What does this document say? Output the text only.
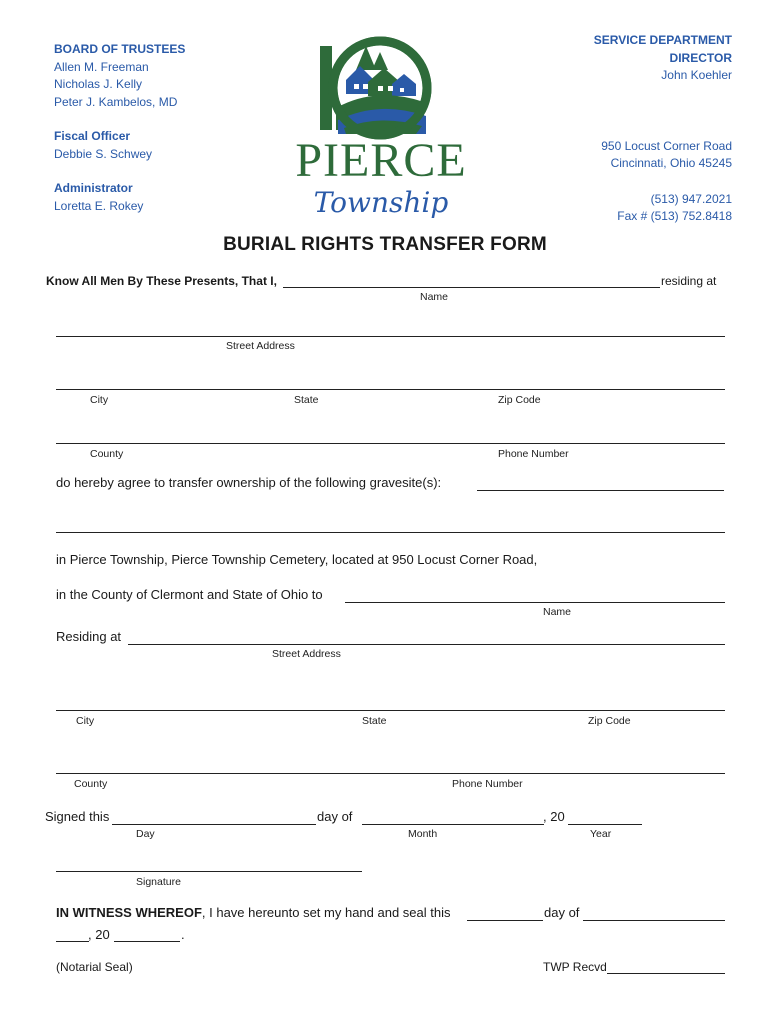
BOARD OF TRUSTEES
Allen M. Freeman
Nicholas J. Kelly
Peter J. Kambelos, MD
Fiscal Officer
Debbie S. Schwey
Administrator
Loretta E. Rokey
SERVICE DEPARTMENT
DIRECTOR
John Koehler
950 Locust Corner Road
Cincinnati, Ohio 45245
(513) 947.2021
Fax # (513) 752.8418
PIERCE
Township
BURIAL RIGHTS TRANSFER FORM
Know All Men By These Presents, That I,	residing at
Name
Street Address
City	State	Zip Code
County	Phone Number
do hereby agree to transfer ownership of the following gravesite(s):
in Pierce Township, Pierce Township Cemetery, located at 950 Locust Corner Road,
in the County of Clermont and State of Ohio to
Name
Residing at
Street Address
City	State	Zip Code
County	Phone Number
Signed this	day of	, 20
Day	Month	Year
Signature
IN WITNESS WHEREOF, I have hereunto set my hand and seal this	day of
, 20	.
(Notarial Seal)	TWP Recvd
